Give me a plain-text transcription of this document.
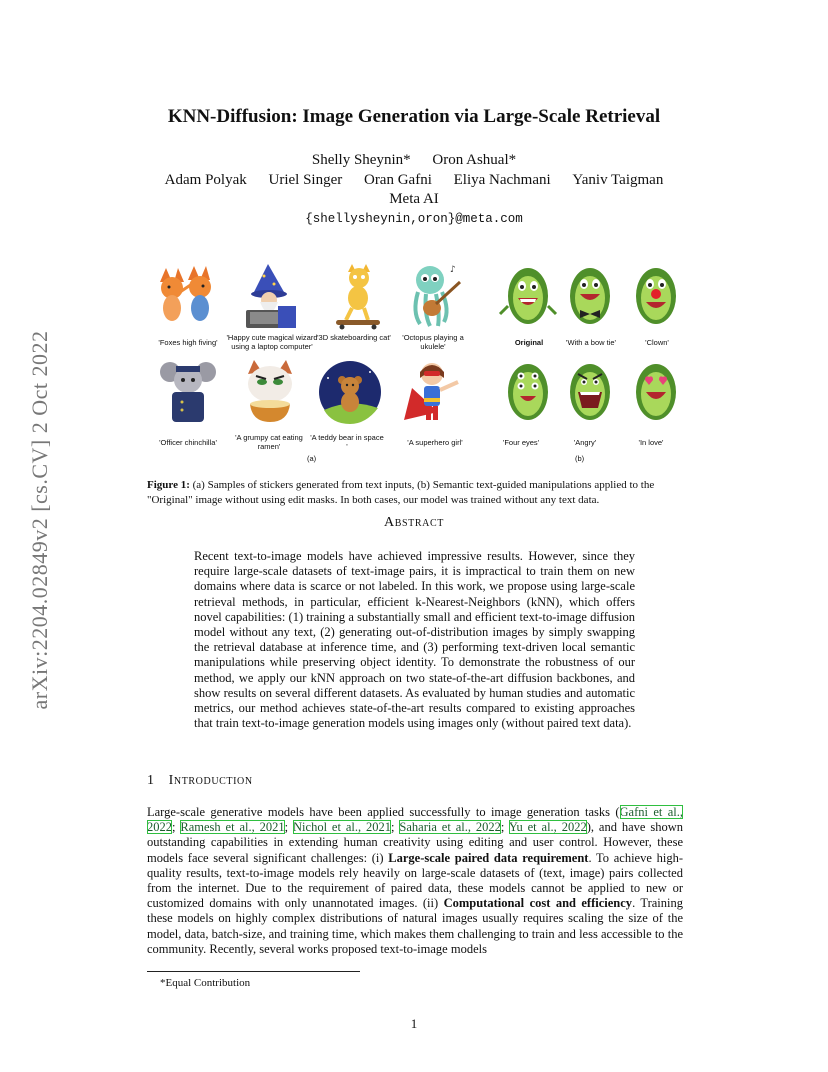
arXiv:2204.02849v2 [cs.CV] 2 Oct 2022
KNN-Diffusion: Image Generation via Large-Scale Retrieval
Shelly Sheynin* Oron Ashual*
Adam Polyak Uriel Singer Oran Gafni Eliya Nachmani Yaniv Taigman
Meta AI
{shellysheynin,oron}@meta.com
♪
'Foxes high fiving'
'Happy cute magical wizard using a laptop computer'
'3D skateboarding cat'	'Octopus playing a ukulele'	Original	'With a bow tie'	'Clown'
'Officer chinchilla'
'A grumpy cat eating ramen'
'A teddy bear in space '	'A superhero girl'	'Four eyes'	'Angry'	'In love'
(a)	(b)
Figure 1: (a) Samples of stickers generated from text inputs, (b) Semantic text-guided manipulations applied to the "Original" image without using edit masks. In both cases, our model was trained without any text data.
Abstract
Recent text-to-image models have achieved impressive results. However, since they require large-scale datasets of text-image pairs, it is impractical to train them on new domains where data is scarce or not labeled. In this work, we propose using large-scale retrieval methods, in particular, efficient k-Nearest-Neighbors (kNN), which offers novel capabilities: (1) training a substantially small and efficient text-to-image diffusion model without any text, (2) generating out-of-distribution images by simply swapping the retrieval database at inference time, and (3) performing text-driven local semantic manipulations while preserving object identity. To demonstrate the robustness of our method, we apply our kNN approach on two state-of-the-art diffusion backbones, and show results on several different datasets. As evaluated by human studies and automatic metrics, our method achieves state-of-the-art results compared to existing approaches that train text-to-image generation models using images only (without paired text data).
1 Introduction
Large-scale generative models have been applied successfully to image generation tasks (Gafni et al., 2022; Ramesh et al., 2021; Nichol et al., 2021; Saharia et al., 2022; Yu et al., 2022), and have shown outstanding capabilities in extending human creativity using editing and user control. However, these models face several significant challenges: (i) Large-scale paired data requirement. To achieve high-quality results, text-to-image models rely heavily on large-scale datasets of (text, image) pairs collected from the internet. Due to the requirement of paired data, these models cannot be applied to new or customized domains with only unannotated images. (ii) Computational cost and efficiency. Training these models on highly complex distributions of natural images usually requires scaling the size of the model, data, batch-size, and training time, which makes them challenging to train and less accessible to the community. Recently, several works proposed text-to-image models
*Equal Contribution
1
